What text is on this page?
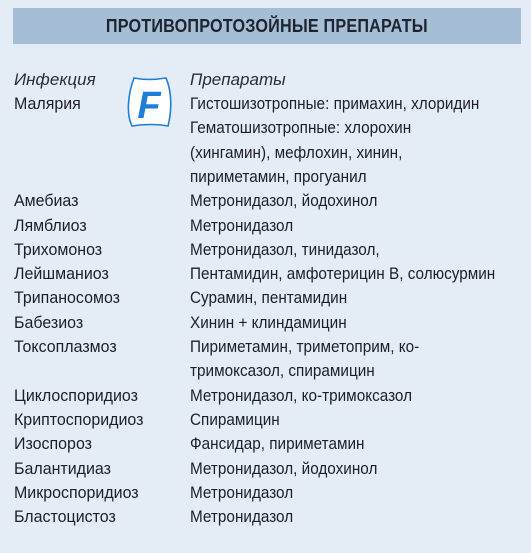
ПРОТИВОПРОТОЗОЙНЫЕ ПРЕПАРАТЫ
Инфекция	Препараты
F
Малярия	Гистошизотропные: примахин, хлоридин
Гематошизотропные: хлорохин
(хингамин), мефлохин, хинин,
пириметамин, прогуанил
Амебиаз	Метронидазол, йодохинол
Лямблиоз	Метронидазол
Трихомоноз	Метронидазол, тинидазол,
Лейшманиоз	Пентамидин, амфотерицин В, солюсурмин
Трипаносомоз	Сурамин, пентамидин
Бабезиоз	Хинин + клиндамицин
Токсоплазмоз	Пириметамин, триметоприм, ко-
тримоксазол, спирамицин
Циклоспоридиоз	Метронидазол, ко-тримоксазол
Криптоспоридиоз	Спирамицин
Изоспороз	Фансидар, пириметамин
Балантидиаз	Метронидазол, йодохинол
Микроспоридиоз	Метронидазол
Бластоцистоз	Метронидазол
